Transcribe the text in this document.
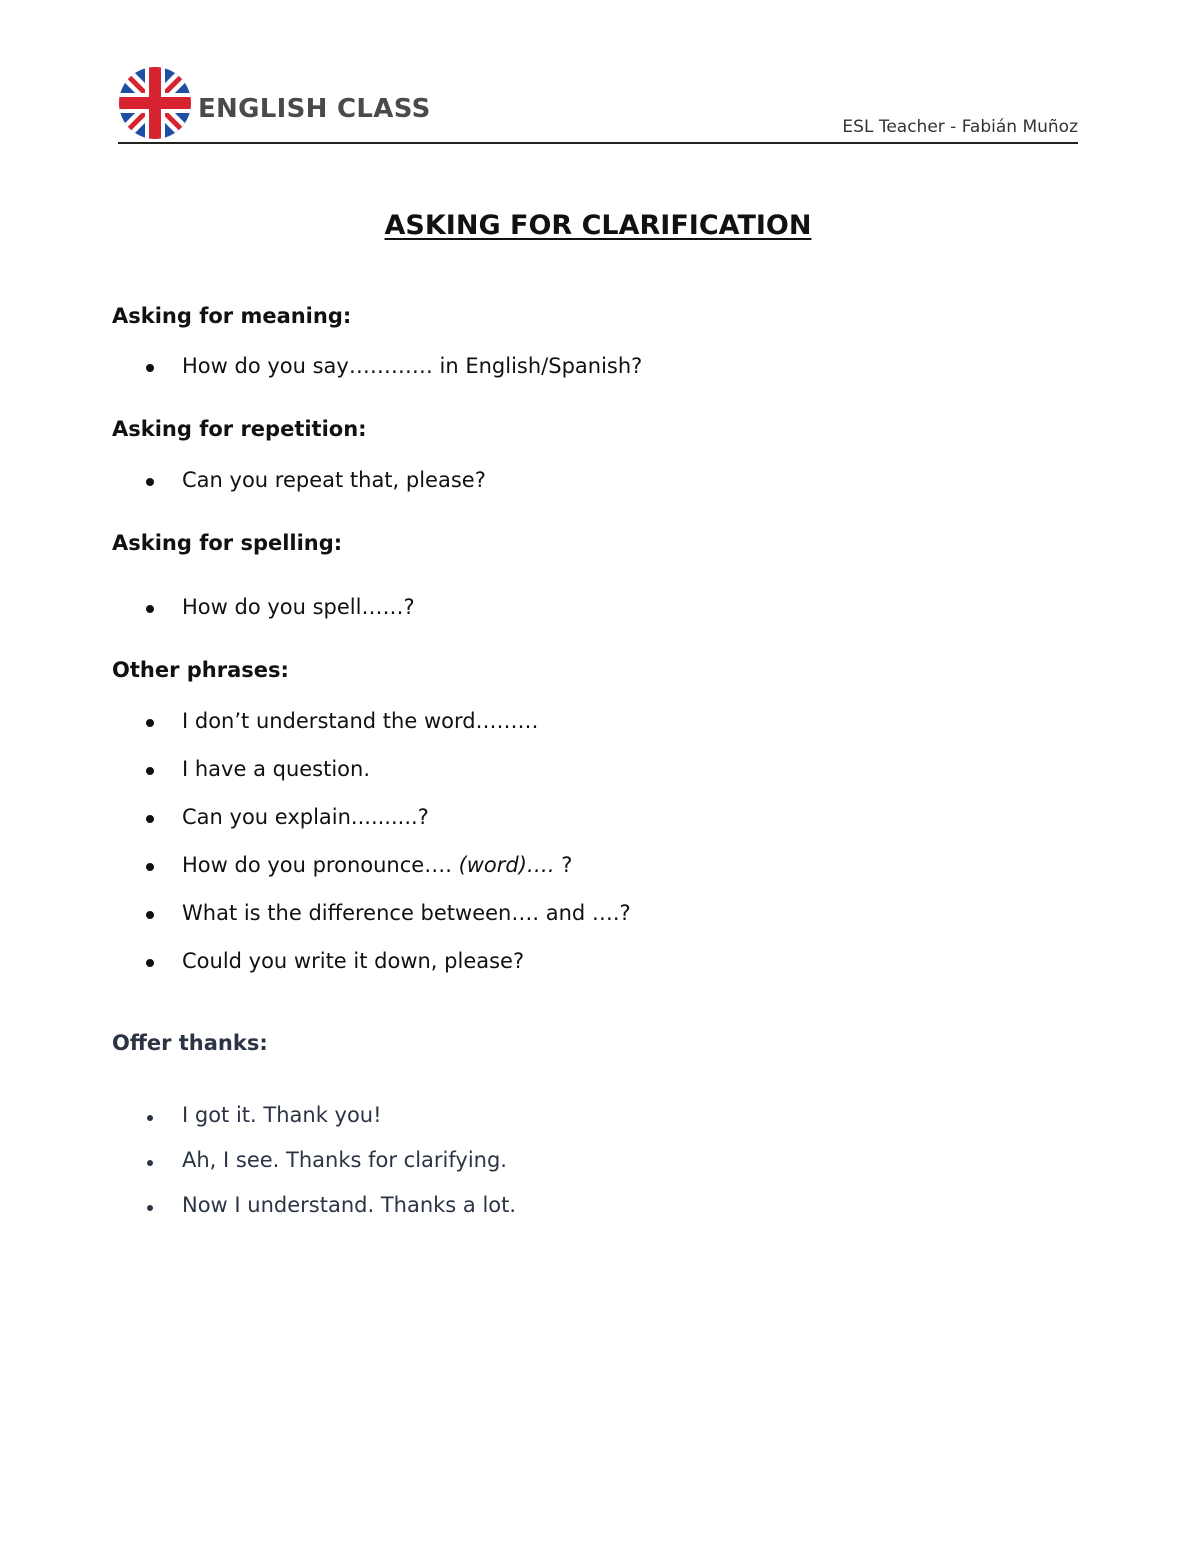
ENGLISH CLASS
ESL Teacher - Fabián Muñoz
ASKING FOR CLARIFICATION
Asking for meaning:
How do you say………… in English/Spanish?
Asking for repetition:
Can you repeat that, please?
Asking for spelling:
How do you spell……?
Other phrases:
I don’t understand the word………
I have a question.
Can you explain..........?
How do you pronounce…. (word)…. ?
What is the difference between…. and ….?
Could you write it down, please?
Offer thanks:
I got it. Thank you!
Ah, I see. Thanks for clarifying.
Now I understand. Thanks a lot.
